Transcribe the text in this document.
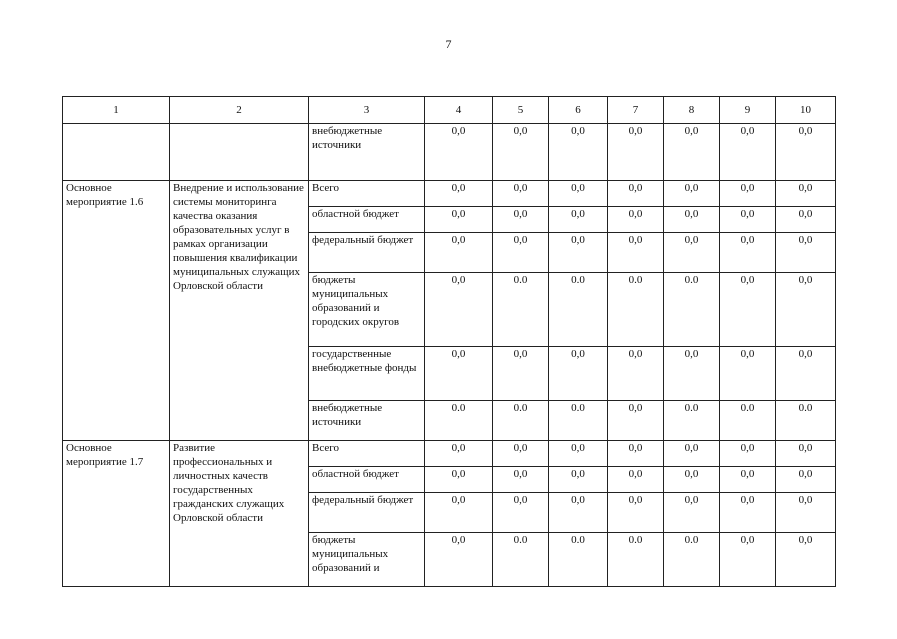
7
1	2	3	4	5	6	7	8	9	10
		внебюджетные источники	0,0	0,0	0,0	0,0	0,0	0,0	0,0
Основное мероприятие 1.6	Внедрение и использование системы мониторинга качества оказания образовательных услуг в рамках организации повышения квалификации муниципальных служащих Орловской области	Всего	0,0	0,0	0,0	0,0	0,0	0,0	0,0
		областной бюджет	0,0	0,0	0,0	0,0	0,0	0,0	0,0
		федеральный бюджет	0,0	0,0	0,0	0,0	0,0	0,0	0,0
		бюджеты муниципальных образований и городских округов	0,0	0.0	0.0	0.0	0.0	0,0	0,0
		государственные внебюджетные фонды	0,0	0,0	0,0	0,0	0,0	0,0	0,0
		внебюджетные источники	0.0	0.0	0.0	0,0	0.0	0.0	0.0
Основное мероприятие 1.7	Развитие профессиональных и личностных качеств государственных гражданских служащих Орловской области	Всего	0,0	0,0	0,0	0,0	0,0	0,0	0,0
		областной бюджет	0,0	0,0	0,0	0,0	0,0	0,0	0,0
		федеральный бюджет	0,0	0,0	0,0	0,0	0,0	0,0	0,0
		бюджеты муниципальных образований и	0,0	0.0	0.0	0.0	0.0	0,0	0,0
